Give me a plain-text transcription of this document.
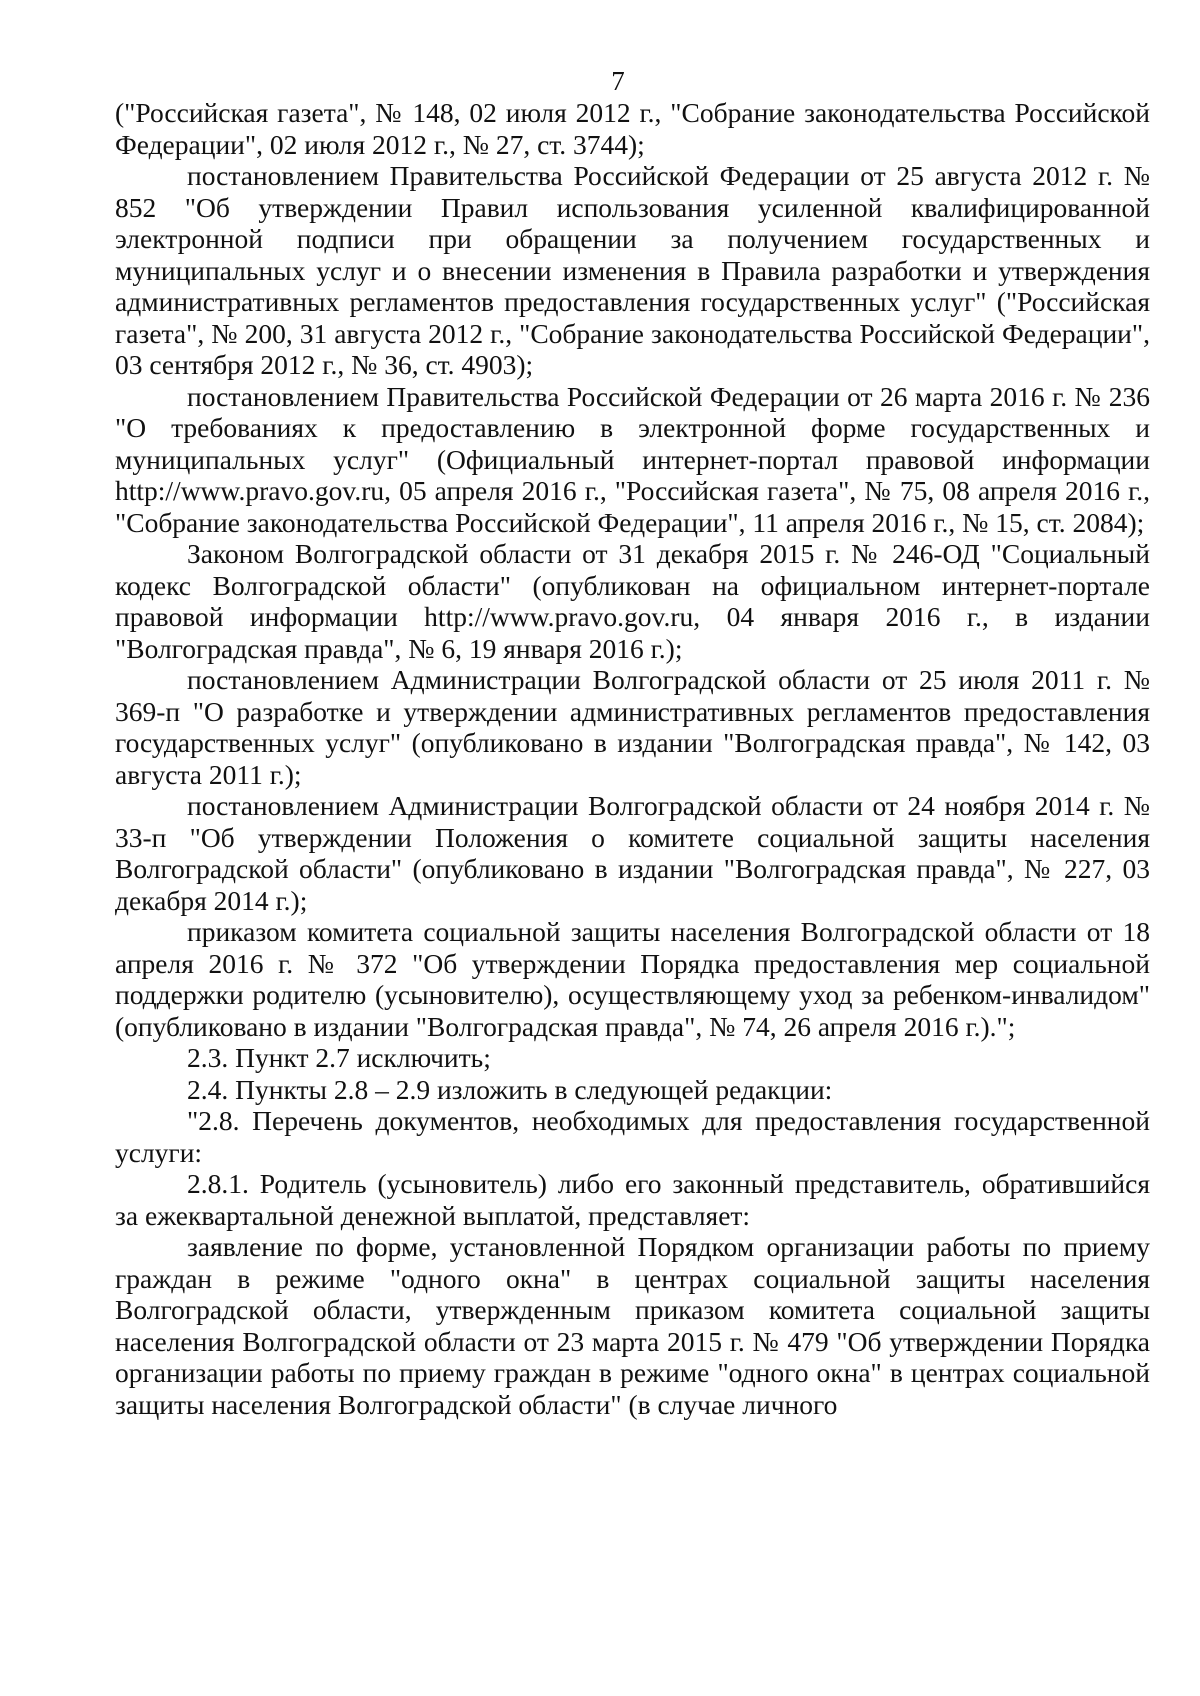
7

("Российская газета", № 148, 02 июля 2012 г., "Собрание законодательства Российской Федерации", 02 июля 2012 г., № 27, ст. 3744);

постановлением Правительства Российской Федерации от 25 августа 2012 г. № 852 "Об утверждении Правил использования усиленной квалифицированной электронной подписи при обращении за получением государственных и муниципальных услуг и о внесении изменения в Правила разработки и утверждения административных регламентов предоставления государственных услуг" ("Российская газета", № 200, 31 августа 2012 г., "Собрание законодательства Российской Федерации", 03 сентября 2012 г., № 36, ст. 4903);

постановлением Правительства Российской Федерации от 26 марта 2016 г. № 236 "О требованиях к предоставлению в электронной форме государственных и муниципальных услуг" (Официальный интернет-портал правовой информации http://www.pravo.gov.ru, 05 апреля 2016 г., "Российская газета", № 75, 08 апреля 2016 г., "Собрание законодательства Российской Федерации", 11 апреля 2016 г., № 15, ст. 2084);

Законом Волгоградской области от 31 декабря 2015 г. № 246-ОД "Социальный кодекс Волгоградской области" (опубликован на официальном интернет-портале правовой информации http://www.pravo.gov.ru, 04 января 2016 г., в издании "Волгоградская правда", № 6, 19 января 2016 г.);

постановлением Администрации Волгоградской области от 25 июля 2011 г. № 369-п "О разработке и утверждении административных регламентов предоставления государственных услуг" (опубликовано в издании "Волгоградская правда", № 142, 03 августа 2011 г.);

постановлением Администрации Волгоградской области от 24 ноября 2014 г. № 33-п "Об утверждении Положения о комитете социальной защиты населения Волгоградской области" (опубликовано в издании "Волгоградская правда", № 227, 03 декабря 2014 г.);

приказом комитета социальной защиты населения Волгоградской области от 18 апреля 2016 г. № 372 "Об утверждении Порядка предоставления мер социальной поддержки родителю (усыновителю), осуществляющему уход за ребенком-инвалидом" (опубликовано в издании "Волгоградская правда", № 74, 26 апреля 2016 г.).";

2.3. Пункт 2.7 исключить;

2.4. Пункты 2.8 – 2.9 изложить в следующей редакции:

"2.8. Перечень документов, необходимых для предоставления государственной услуги:

2.8.1. Родитель (усыновитель) либо его законный представитель, обратившийся за ежеквартальной денежной выплатой, представляет:

заявление по форме, установленной Порядком организации работы по приему граждан в режиме "одного окна" в центрах социальной защиты населения Волгоградской области, утвержденным приказом комитета социальной защиты населения Волгоградской области от 23 марта 2015 г. № 479 "Об утверждении Порядка организации работы по приему граждан в режиме "одного окна" в центрах социальной защиты населения Волгоградской области" (в случае личного
